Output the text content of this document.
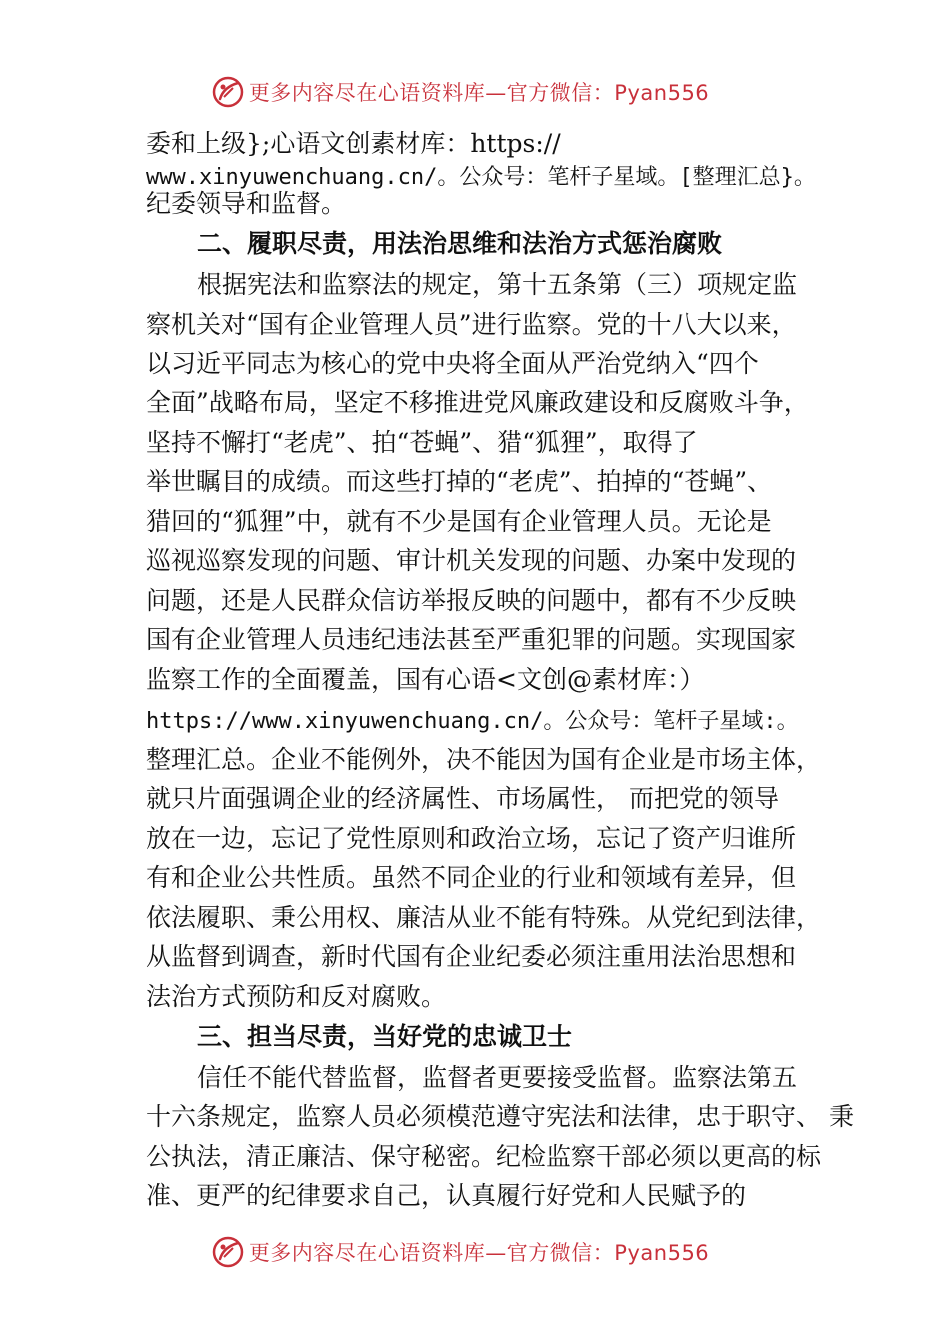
更多内容尽在心语资料库—官方微信：Pyan556
委和上级};心语文创素材库：https://
www.xinyuwenchuang.cn/。公众号：笔杆子星域。[整理汇总}。
纪委领导和监督。
二、履职尽责，用法治思维和法治方式惩治腐败
根据宪法和监察法的规定，第十五条第（三）项规定监
察机关对“国有企业管理人员”进行监察。党的十八大以来，
以习近平同志为核心的党中央将全面从严治党纳入“四个
全面”战略布局，坚定不移推进党风廉政建设和反腐败斗争，
坚持不懈打“老虎”、拍“苍蝇”、猎“狐狸”，取得了
举世瞩目的成绩。而这些打掉的“老虎”、拍掉的“苍蝇”、
猎回的“狐狸”中，就有不少是国有企业管理人员。无论是
巡视巡察发现的问题、审计机关发现的问题、办案中发现的
问题，还是人民群众信访举报反映的问题中，都有不少反映
国有企业管理人员违纪违法甚至严重犯罪的问题。实现国家
监察工作的全面覆盖，国有心语<文创@素材库：）
https://www.xinyuwenchuang.cn/。公众号：笔杆子星域:。
整理汇总。企业不能例外，决不能因为国有企业是市场主体，
就只片面强调企业的经济属性、市场属性， 而把党的领导
放在一边，忘记了党性原则和政治立场，忘记了资产归谁所
有和企业公共性质。虽然不同企业的行业和领域有差异，但
依法履职、秉公用权、廉洁从业不能有特殊。从党纪到法律，
从监督到调查，新时代国有企业纪委必须注重用法治思想和
法治方式预防和反对腐败。
三、担当尽责，当好党的忠诚卫士
信任不能代替监督，监督者更要接受监督。监察法第五
十六条规定，监察人员必须模范遵守宪法和法律，忠于职守、 秉
公执法，清正廉洁、保守秘密。纪检监察干部必须以更高的标
准、更严的纪律要求自己，认真履行好党和人民赋予的
更多内容尽在心语资料库—官方微信：Pyan556
